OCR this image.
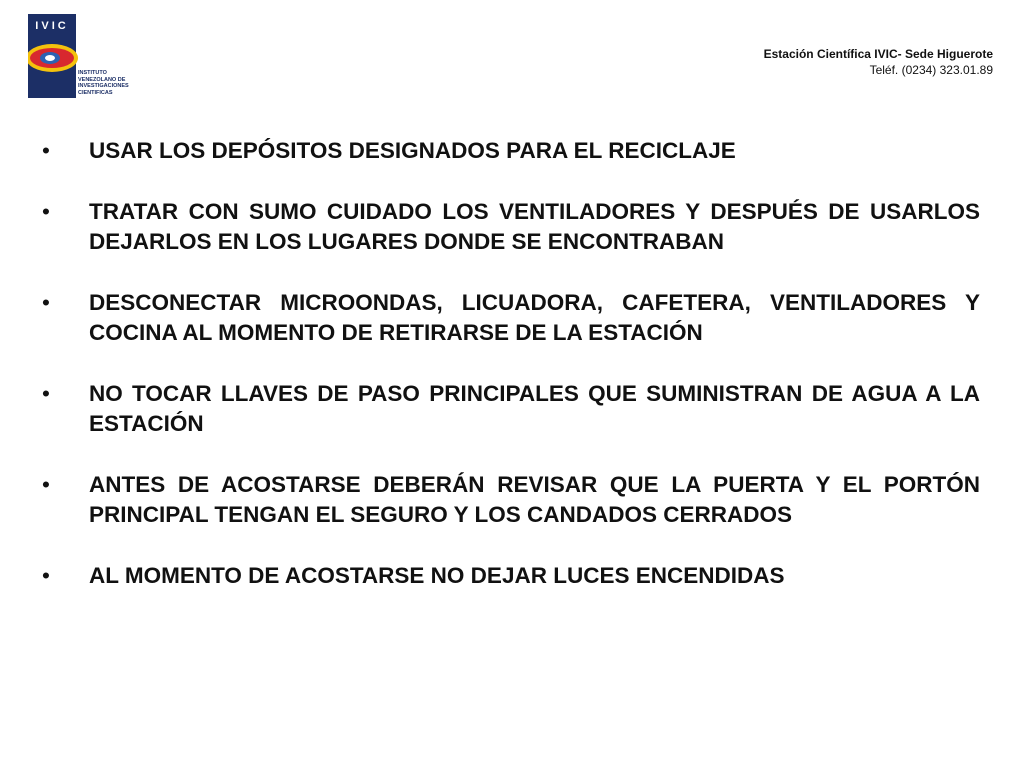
IVIC
INSTITUTO
VENEZOLANO DE
INVESTIGACIONES
CIENTIFICAS
Estación Científica IVIC- Sede Higuerote
Teléf. (0234) 323.01.89
•	USAR LOS DEPÓSITOS DESIGNADOS PARA EL RECICLAJE
•	TRATAR CON SUMO CUIDADO LOS VENTILADORES Y DESPUÉS DE USARLOS DEJARLOS EN LOS LUGARES DONDE SE ENCONTRABAN
•	DESCONECTAR MICROONDAS, LICUADORA, CAFETERA, VENTILADORES Y COCINA AL MOMENTO DE RETIRARSE DE LA ESTACIÓN
•	NO TOCAR LLAVES DE PASO PRINCIPALES QUE SUMINISTRAN DE AGUA A LA ESTACIÓN
•	ANTES DE ACOSTARSE DEBERÁN REVISAR QUE LA PUERTA Y EL PORTÓN PRINCIPAL TENGAN EL SEGURO Y LOS CANDADOS CERRADOS
•	AL MOMENTO DE ACOSTARSE NO DEJAR LUCES ENCENDIDAS
